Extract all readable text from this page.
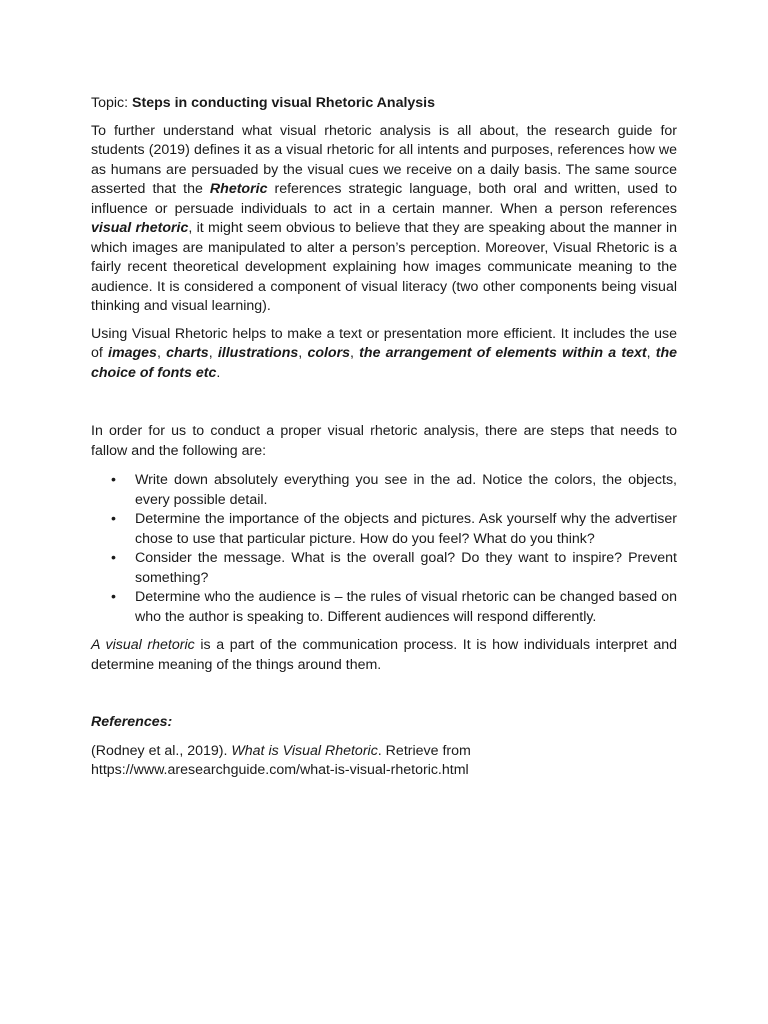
Topic: Steps in conducting visual Rhetoric Analysis

To further understand what visual rhetoric analysis is all about, the research guide for students (2019) defines it as a visual rhetoric for all intents and purposes, references how we as humans are persuaded by the visual cues we receive on a daily basis. The same source asserted that the Rhetoric references strategic language, both oral and written, used to influence or persuade individuals to act in a certain manner. When a person references visual rhetoric, it might seem obvious to believe that they are speaking about the manner in which images are manipulated to alter a person’s perception. Moreover, Visual Rhetoric is a fairly recent theoretical development explaining how images communicate meaning to the audience. It is considered a component of visual literacy (two other components being visual thinking and visual learning).

Using Visual Rhetoric helps to make a text or presentation more efficient. It includes the use of images, charts, illustrations, colors, the arrangement of elements within a text, the choice of fonts etc.

In order for us to conduct a proper visual rhetoric analysis, there are steps that needs to fallow and the following are:

• Write down absolutely everything you see in the ad. Notice the colors, the objects, every possible detail.
• Determine the importance of the objects and pictures. Ask yourself why the advertiser chose to use that particular picture. How do you feel? What do you think?
• Consider the message. What is the overall goal? Do they want to inspire? Prevent something?
• Determine who the audience is – the rules of visual rhetoric can be changed based on who the author is speaking to. Different audiences will respond differently.

A visual rhetoric is a part of the communication process. It is how individuals interpret and determine meaning of the things around them.

References:

(Rodney et al., 2019). What is Visual Rhetoric. Retrieve from
https://www.aresearchguide.com/what-is-visual-rhetoric.html
